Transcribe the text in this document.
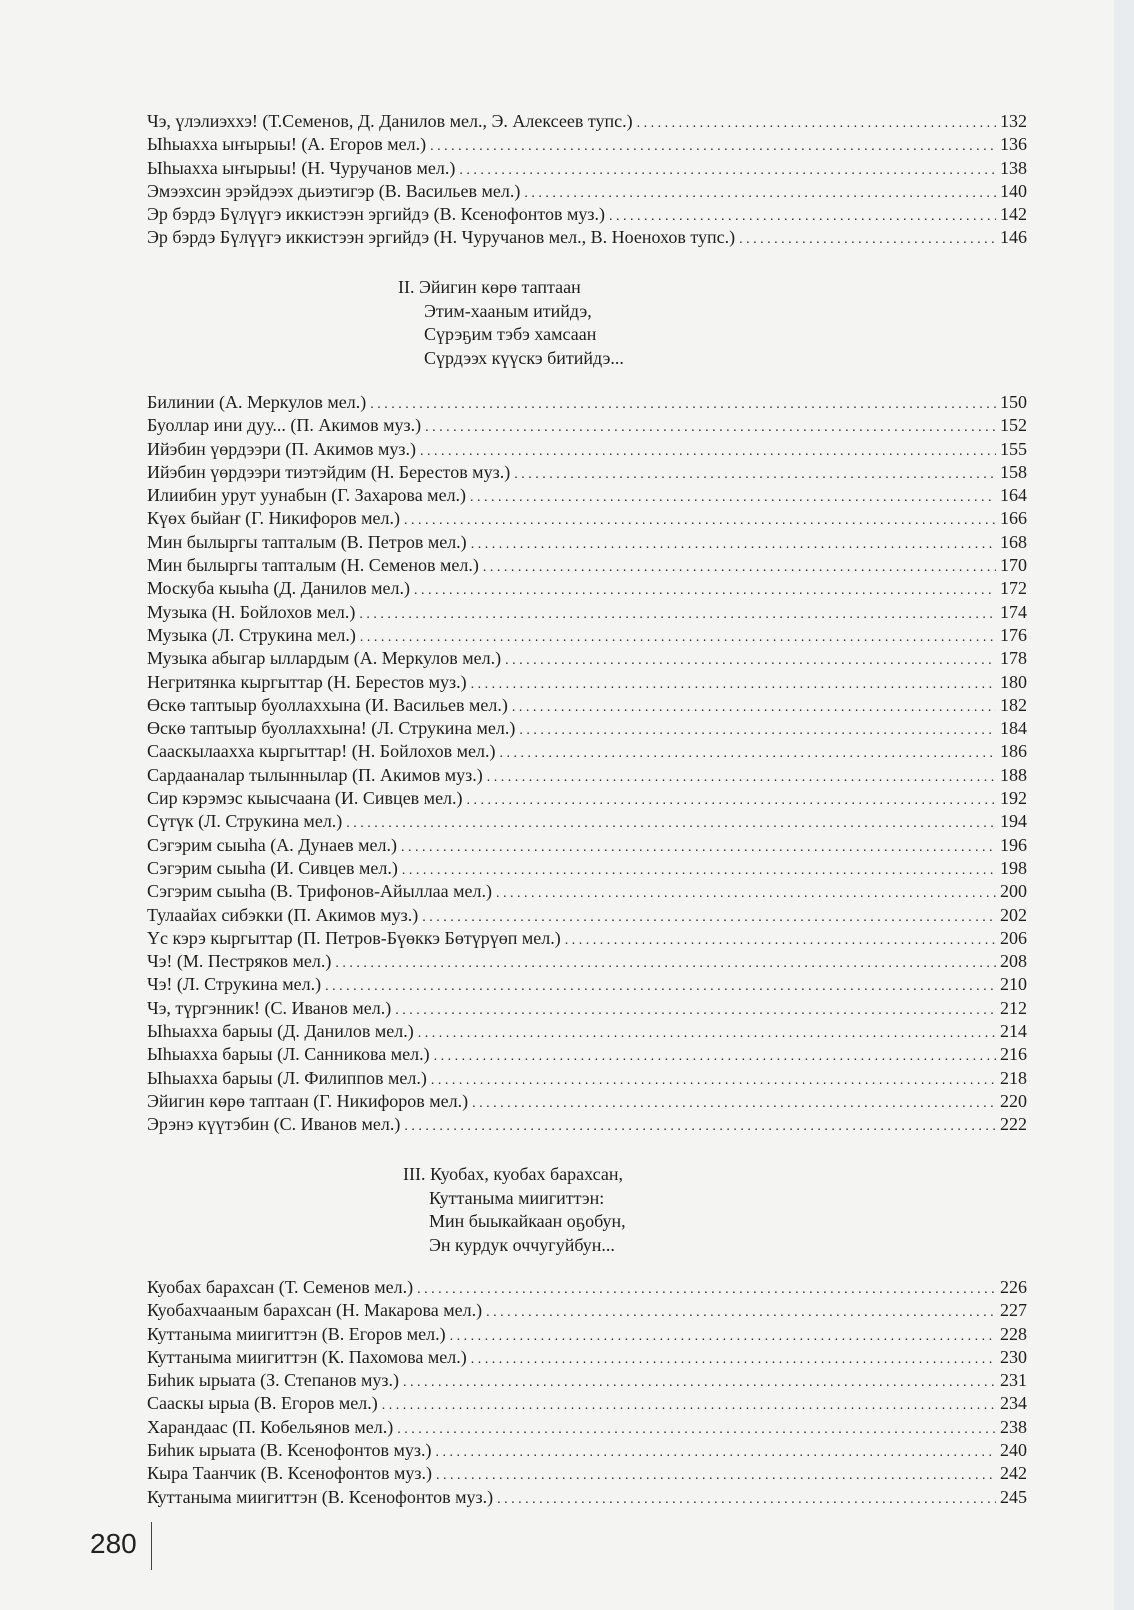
Чэ, үлэлиэххэ! (Т.Семенов, Д. Данилов мел., Э. Алексеев тупс.) . . .	132
Ыһыаххa ыҥырыы! (А. Егоров мел.) . . .	136
Ыһыаххa ыҥырыы! (Н. Чуручанов мел.) . . .	138
Эмээхсин эрэйдээх дьиэтигэр (В. Васильев мел.) . . .	140
Эр бэрдэ Бүлүүгэ иккистээн эргийдэ (В. Ксенофонтов муз.) . . .	142
Эр бэрдэ Бүлүүгэ иккистээн эргийдэ (Н. Чуручанов мел., В. Ноенохов тупс.) . . .	146
II. Эйигин көрө таптаан
Этим-хааным итийдэ,
Сүрэҕим тэбэ хамсаан
Сүрдээх күүскэ битийдэ...
Билинии (А. Меркулов мел.) . . .	150
Буоллар ини дуу... (П. Акимов муз.) . . .	152
Ийэбин үөрдээри (П. Акимов муз.) . . .	155
Ийэбин үөрдээри тиэтэйдим (Н. Берестов муз.) . . .	158
Илиибин урут уунабын (Г. Захарова мел.) . . .	164
Күөх быйаҥ (Г. Никифоров мел.) . . .	166
Мин былыргы тапталым (В. Петров мел.) . . .	168
Мин былыргы тапталым (Н. Семенов мел.) . . .	170
Москуба кыыһа (Д. Данилов мел.) . . .	172
Музыка (Н. Бойлохов мел.) . . .	174
Музыка (Л. Струкина мел.) . . .	176
Музыка абыгар ыллардым (А. Меркулов мел.) . . .	178
Негритянка кыргыттар (Н. Берестов муз.) . . .	180
Өскө таптыыр буоллаххына (И. Васильев мел.) . . .	182
Өскө таптыыр буоллаххына! (Л. Струкина мел.) . . .	184
Сааскылаахха кыргыттар! (Н. Бойлохов мел.) . . .	186
Сардааналар тылыннылар (П. Акимов муз.) . . .	188
Сир кэрэмэс кыысчаана (И. Сивцев мел.) . . .	192
Сүтүк (Л. Струкина мел.) . . .	194
Сэгэрим сыыһа (А. Дунаев мел.) . . .	196
Сэгэрим сыыһа (И. Сивцев мел.) . . .	198
Сэгэрим сыыһа (В. Трифонов-Айыллаа мел.) . . .	200
Тулаайах сибэкки (П. Акимов муз.) . . .	202
Үс кэрэ кыргыттар (П. Петров-Бүөккэ Бөтүрүөп мел.) . . .	206
Чэ! (М. Пестряков мел.) . . .	208
Чэ! (Л. Струкина мел.) . . .	210
Чэ, түргэнник! (С. Иванов мел.) . . .	212
Ыһыаххa барыы (Д. Данилов мел.) . . .	214
Ыһыаххa барыы (Л. Санникова мел.) . . .	216
Ыһыаххa барыы (Л. Филиппов мел.) . . .	218
Эйигин көрө таптаан (Г. Никифоров мел.) . . .	220
Эрэнэ күүтэбин (С. Иванов мел.) . . .	222
III. Куобах, куобах барахсан,
Куттаныма миигиттэн:
Мин быыкайкаан оҕобун,
Эн курдук оччугуйбун...
Куобах барахсан (Т. Семенов мел.) . . .	226
Куобахчааным барахсан (Н. Макарова мел.) . . .	227
Куттаныма миигиттэн (В. Егоров мел.) . . .	228
Куттаныма миигиттэн (К. Пахомова мел.) . . .	230
Биһик ырыата (З. Степанов муз.) . . .	231
Сааскы ырыа (В. Егоров мел.) . . .	234
Харандаас (П. Кобельянов мел.) . . .	238
Биһик ырыата (В. Ксенофонтов муз.) . . .	240
Кыра Таанчик (В. Ксенофонтов муз.) . . .	242
Куттаныма миигиттэн (В. Ксенофонтов муз.) . . .	245
280
